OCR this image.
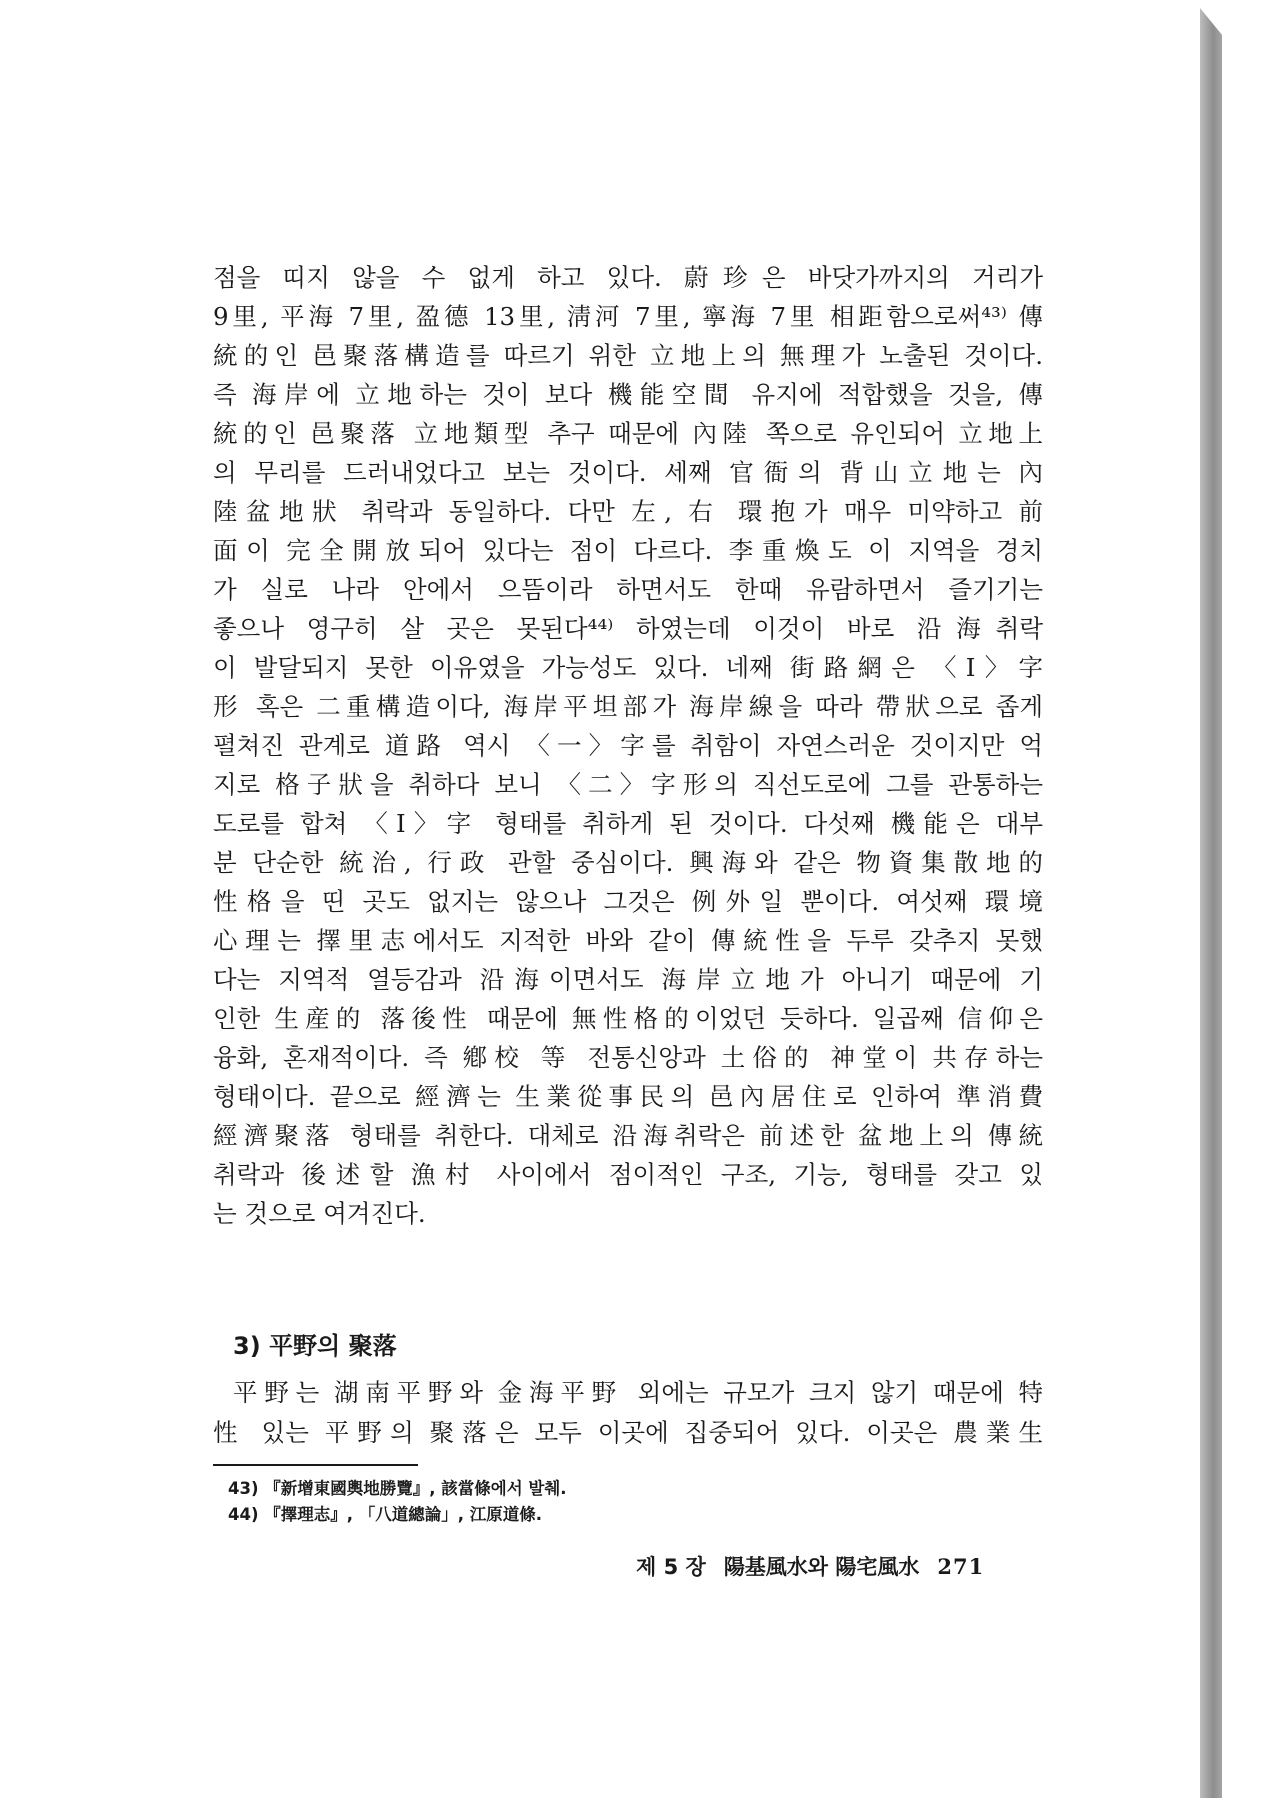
점을 띠지 않을 수 없게 하고 있다. 蔚珍은 바닷가까지의 거리가
9里, 平海 7里, 盈德 13里, 淸河 7里, 寧海 7里 相距함으로써⁴³⁾ 傳
統的인 邑聚落構造를 따르기 위한 立地上의 無理가 노출된 것이다.
즉 海岸에 立地하는 것이 보다 機能空間 유지에 적합했을 것을, 傳
統的인 邑聚落 立地類型 추구 때문에 內陸 쪽으로 유인되어 立地上
의 무리를 드러내었다고 보는 것이다. 세째 官衙의 背山立地는 內
陸盆地狀 취락과 동일하다. 다만 左, 右 環抱가 매우 미약하고 前
面이 完全開放되어 있다는 점이 다르다. 李重煥도 이 지역을 경치
가 실로 나라 안에서 으뜸이라 하면서도 한때 유람하면서 즐기기는
좋으나 영구히 살 곳은 못된다⁴⁴⁾ 하였는데 이것이 바로 沿海취락
이 발달되지 못한 이유였을 가능성도 있다. 네째 街路網은 〈I〉字
形 혹은 二重構造이다, 海岸平坦部가 海岸線을 따라 帶狀으로 좁게
펼쳐진 관계로 道路 역시 〈一〉字를 취함이 자연스러운 것이지만 억
지로 格子狀을 취하다 보니 〈二〉字形의 직선도로에 그를 관통하는
도로를 합쳐 〈I〉字 형태를 취하게 된 것이다. 다섯째 機能은 대부
분 단순한 統治, 行政 관할 중심이다. 興海와 같은 物資集散地的
性格을 띤 곳도 없지는 않으나 그것은 例外일 뿐이다. 여섯째 環境
心理는 擇里志에서도 지적한 바와 같이 傳統性을 두루 갖추지 못했
다는 지역적 열등감과 沿海이면서도 海岸立地가 아니기 때문에 기
인한 生産的 落後性 때문에 無性格的이었던 듯하다. 일곱째 信仰은
융화, 혼재적이다. 즉 鄕校 等 전통신앙과 土俗的 神堂이 共存하는
형태이다. 끝으로 經濟는 生業從事民의 邑內居住로 인하여 準消費
經濟聚落 형태를 취한다. 대체로 沿海취락은 前述한 盆地上의 傳統
취락과 後述할 漁村 사이에서 점이적인 구조, 기능, 형태를 갖고 있
는 것으로 여겨진다.
3) 平野의 聚落
平野는 湖南平野와 金海平野 외에는 규모가 크지 않기 때문에 特
性 있는 平野의 聚落은 모두 이곳에 집중되어 있다. 이곳은 農業生
43) 『新增東國輿地勝覽』, 該當條에서 발췌.
44) 『擇理志』, 「八道總論」, 江原道條.
제 5 장 陽基風水와 陽宅風水 271
